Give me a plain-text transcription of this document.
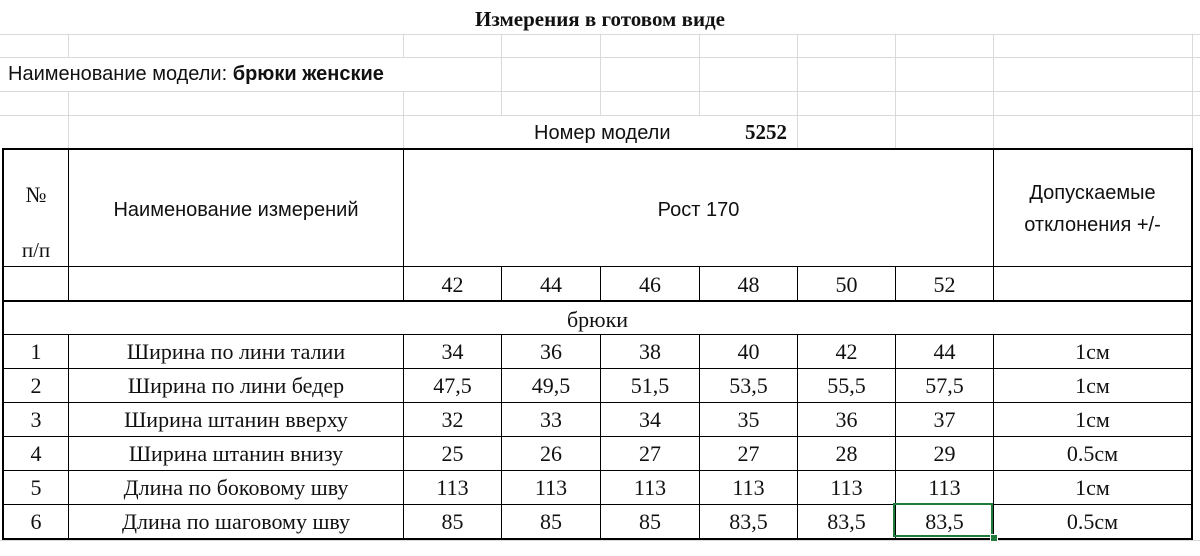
Измерения в готовом виде
Наименование модели: брюки женские
Номер модели	5252
№
п/п
Наименование измерений	Рост 170
Допускаемые
отклонения +/-
42	44	46	48	50	52
брюки
1	Ширина по лини талии	34	36	38	40	42	44	1см
2	Ширина по лини бедер	47,5	49,5	51,5	53,5	55,5	57,5	1см
3	Ширина штанин вверху	32	33	34	35	36	37	1см
4	Ширина штанин внизу	25	26	27	27	28	29	0.5см
5	Длина по боковому шву	113	113	113	113	113	113	1см
6	Длина по шаговому шву	85	85	85	83,5	83,5	83,5	0.5см
